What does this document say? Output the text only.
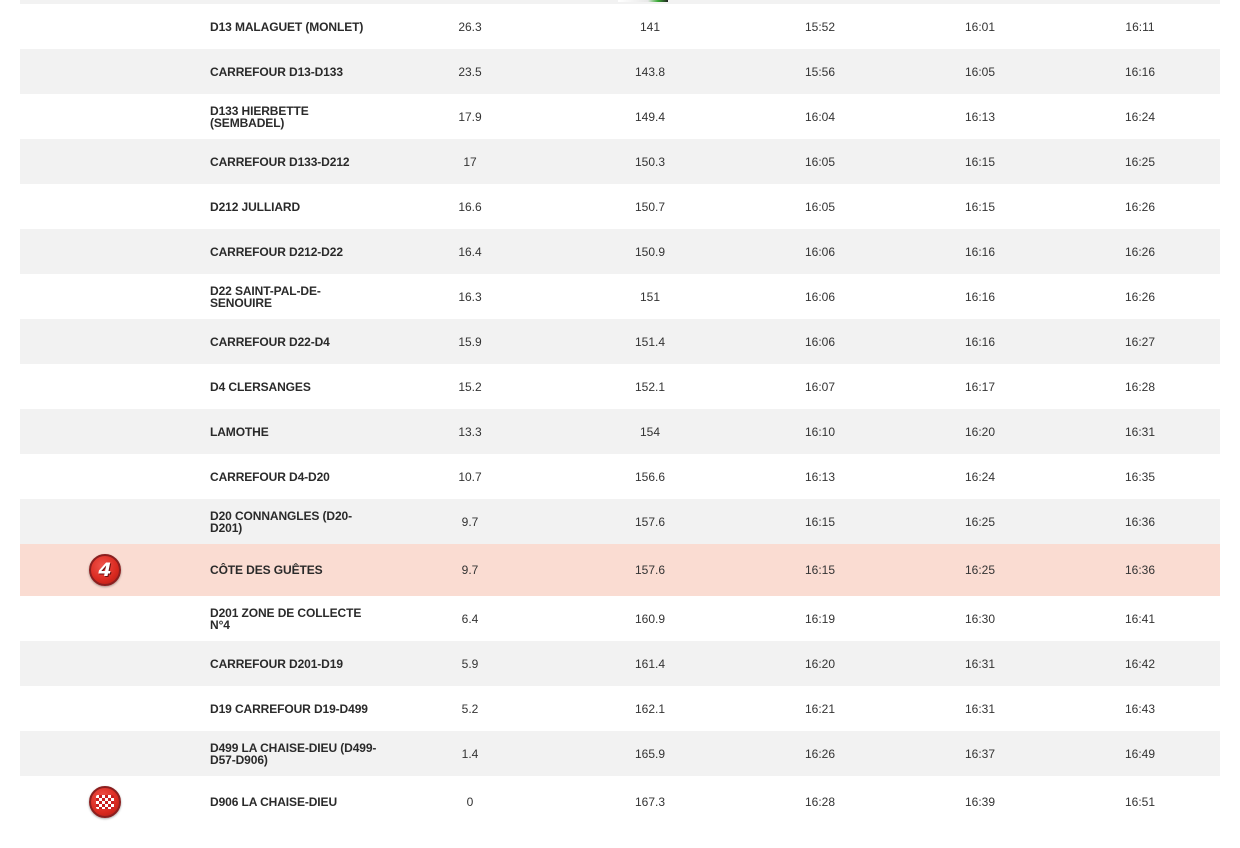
D13 MALAGUET (MONLET)	26.3	141	15:52	16:01	16:11
CARREFOUR D13-D133	23.5	143.8	15:56	16:05	16:16
D133 HIERBETTE (SEMBADEL)	17.9	149.4	16:04	16:13	16:24
CARREFOUR D133-D212	17	150.3	16:05	16:15	16:25
D212 JULLIARD	16.6	150.7	16:05	16:15	16:26
CARREFOUR D212-D22	16.4	150.9	16:06	16:16	16:26
D22 SAINT-PAL-DE-SENOUIRE	16.3	151	16:06	16:16	16:26
CARREFOUR D22-D4	15.9	151.4	16:06	16:16	16:27
D4 CLERSANGES	15.2	152.1	16:07	16:17	16:28
LAMOTHE	13.3	154	16:10	16:20	16:31
CARREFOUR D4-D20	10.7	156.6	16:13	16:24	16:35
D20 CONNANGLES (D20-D201)	9.7	157.6	16:15	16:25	16:36
4	CÔTE DES GUÊTES	9.7	157.6	16:15	16:25	16:36
D201 ZONE DE COLLECTE N°4	6.4	160.9	16:19	16:30	16:41
CARREFOUR D201-D19	5.9	161.4	16:20	16:31	16:42
D19 CARREFOUR D19-D499	5.2	162.1	16:21	16:31	16:43
D499 LA CHAISE-DIEU (D499-D57-D906)	1.4	165.9	16:26	16:37	16:49
D906 LA CHAISE-DIEU	0	167.3	16:28	16:39	16:51
